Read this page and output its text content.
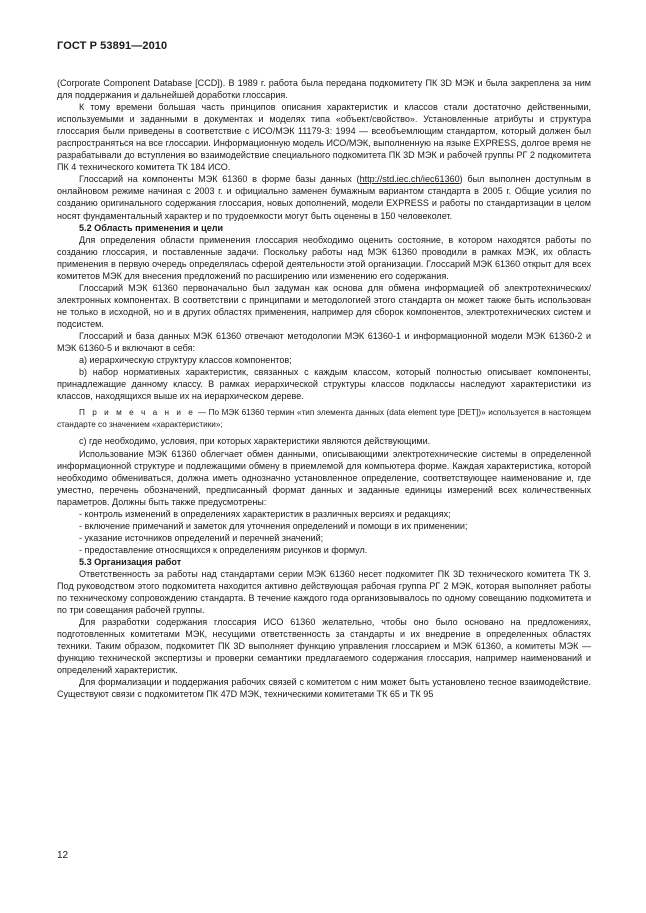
ГОСТ Р 53891—2010

(Corporate Component Database [CCD]). В 1989 г. работа была передана подкомитету ПК 3D МЭК и была закреплена за ним для поддержания и дальнейшей доработки глоссария.

К тому времени большая часть принципов описания характеристик и классов стали достаточно действенными, используемыми и заданными в документах и моделях типа «объект/свойство». Установленные атрибуты и структура глоссария были приведены в соответствие с ИСО/МЭК 11179-3: 1994 — всеобъемлющим стандартом, который должен был распространяться на все глоссарии. Информационную модель ИСО/МЭК, выполненную на языке EXPRESS, долгое время не разрабатывали до вступления во взаимодействие специального подкомитета ПК 3D МЭК и рабочей группы РГ 2 подкомитета ПК 4 технического комитета ТК 184 ИСО.

Глоссарий на компоненты МЭК 61360 в форме базы данных (http://std.iec.ch/iec61360) был выполнен доступным в онлайновом режиме начиная с 2003 г. и официально заменен бумажным вариантом стандарта в 2005 г. Общие усилия по созданию оригинального содержания глоссария, новых дополнений, модели EXPRESS и работы по стандартизации в целом носят фундаментальный характер и по трудоемкости могут быть оценены в 150 человеколет.

5.2 Область применения и цели

Для определения области применения глоссария необходимо оценить состояние, в котором находятся работы по созданию глоссария, и поставленные задачи. Поскольку работы над МЭК 61360 проводили в рамках МЭК, их область применения в первую очередь определялась сферой деятельности этой организации. Глоссарий МЭК 61360 открыт для всех комитетов МЭК для внесения предложений по расширению или изменению его содержания.

Глоссарий МЭК 61360 первоначально был задуман как основа для обмена информацией об электротехнических/электронных компонентах. В соответствии с принципами и методологией этого стандарта он может также быть использован не только в исходной, но и в других областях применения, например для сборок компонентов, электротехнических систем и подсистем.

Глоссарий и база данных МЭК 61360 отвечают методологии МЭК 61360-1 и информационной модели МЭК 61360-2 и МЭК 61360-5 и включают в себя:

а) иерархическую структуру классов компонентов;

b) набор нормативных характеристик, связанных с каждым классом, который полностью описывает компоненты, принадлежащие данному классу. В рамках иерархической структуры классов подклассы наследуют характеристики из классов, находящихся выше их на иерархическом дереве.

П р и м е ч а н и е — По МЭК 61360 термин «тип элемента данных (data element type [DET])» используется в настоящем стандарте со значением «характеристики»;

с) где необходимо, условия, при которых характеристики являются действующими.

Использование МЭК 61360 облегчает обмен данными, описывающими электротехнические системы в определенной информационной структуре и подлежащими обмену в приемлемой для компьютера форме. Каждая характеристика, которой необходимо обмениваться, должна иметь однозначно установленное определение, соответствующее наименование и, где уместно, перечень обозначений, предписанный формат данных и заданные единицы измерений всех количественных параметров. Должны быть также предусмотрены:

- контроль изменений в определениях характеристик в различных версиях и редакциях;

- включение примечаний и заметок для уточнения определений и помощи в их применении;

- указание источников определений и перечней значений;

- предоставление относящихся к определениям рисунков и формул.

5.3 Организация работ

Ответственность за работы над стандартами серии МЭК 61360 несет подкомитет ПК 3D технического комитета ТК 3. Под руководством этого подкомитета находится активно действующая рабочая группа РГ 2 МЭК, которая выполняет работы по техническому сопровождению стандарта. В течение каждого года организовывалось по одному совещанию подкомитета и по три совещания рабочей группы.

Для разработки содержания глоссария ИСО 61360 желательно, чтобы оно было основано на предложениях, подготовленных комитетами МЭК, несущими ответственность за стандарты и их внедрение в определенных областях техники. Таким образом, подкомитет ПК 3D выполняет функцию управления глоссарием и МЭК 61360, а комитеты МЭК — функцию технической экспертизы и проверки семантики предлагаемого содержания глоссария, например наименований и определений характеристик.

Для формализации и поддержания рабочих связей с комитетом с ним может быть установлено тесное взаимодействие. Существуют связи с подкомитетом ПК 47D МЭК, техническими комитетами ТК 65 и ТК 95

12
